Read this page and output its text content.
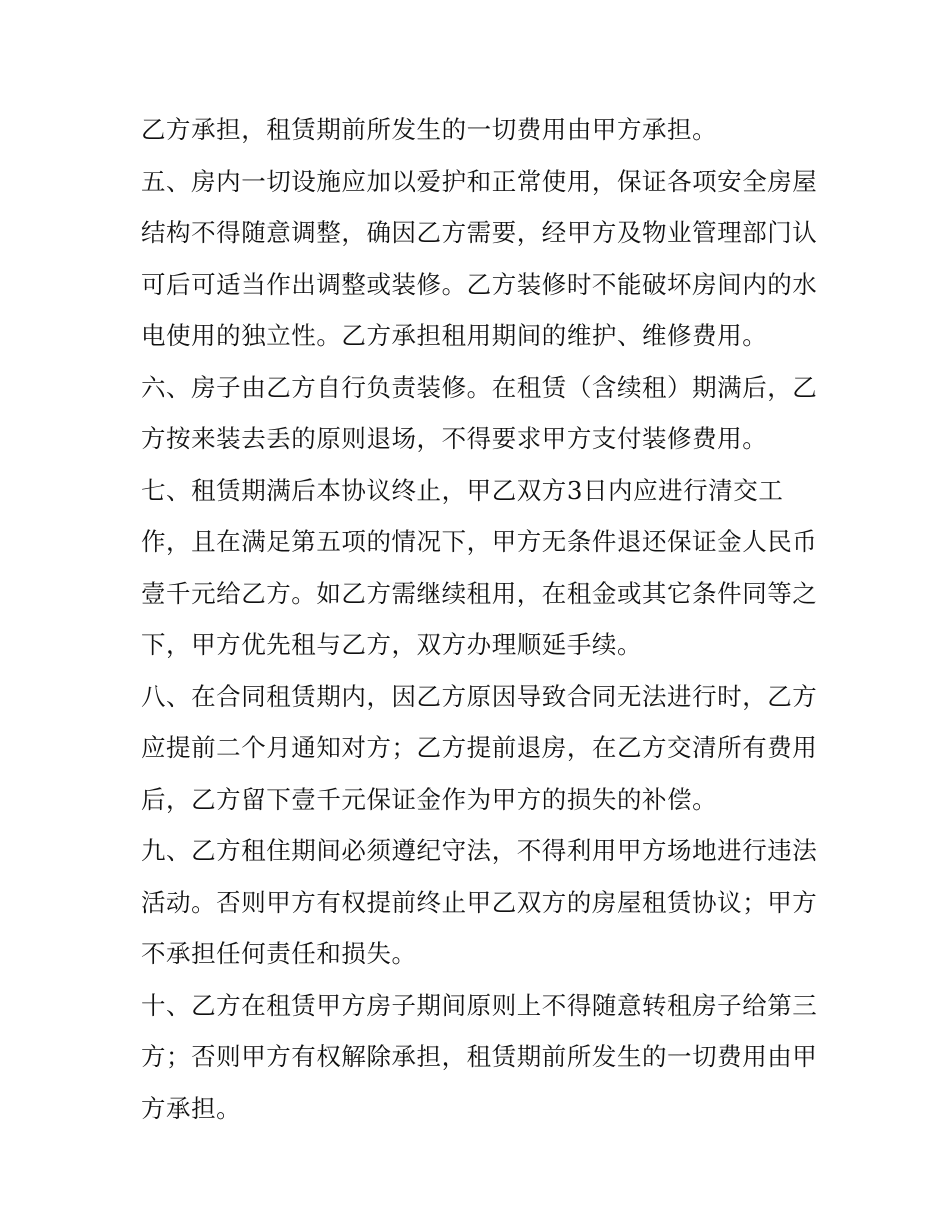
乙方承担，租赁期前所发生的一切费用由甲方承担。
五、房内一切设施应加以爱护和正常使用，保证各项安全房屋
结构不得随意调整，确因乙方需要，经甲方及物业管理部门认
可后可适当作出调整或装修。乙方装修时不能破坏房间内的水
电使用的独立性。乙方承担租用期间的维护、维修费用。
六、房子由乙方自行负责装修。在租赁（含续租）期满后，乙
方按来装去丢的原则退场，不得要求甲方支付装修费用。
七、租赁期满后本协议终止，甲乙双方3日内应进行清交工
作，且在满足第五项的情况下，甲方无条件退还保证金人民币
壹千元给乙方。如乙方需继续租用，在租金或其它条件同等之
下，甲方优先租与乙方，双方办理顺延手续。
八、在合同租赁期内，因乙方原因导致合同无法进行时，乙方
应提前二个月通知对方；乙方提前退房，在乙方交清所有费用
后，乙方留下壹千元保证金作为甲方的损失的补偿。
九、乙方租住期间必须遵纪守法，不得利用甲方场地进行违法
活动。否则甲方有权提前终止甲乙双方的房屋租赁协议；甲方
不承担任何责任和损失。
十、乙方在租赁甲方房子期间原则上不得随意转租房子给第三
方；否则甲方有权解除承担，租赁期前所发生的一切费用由甲
方承担。
